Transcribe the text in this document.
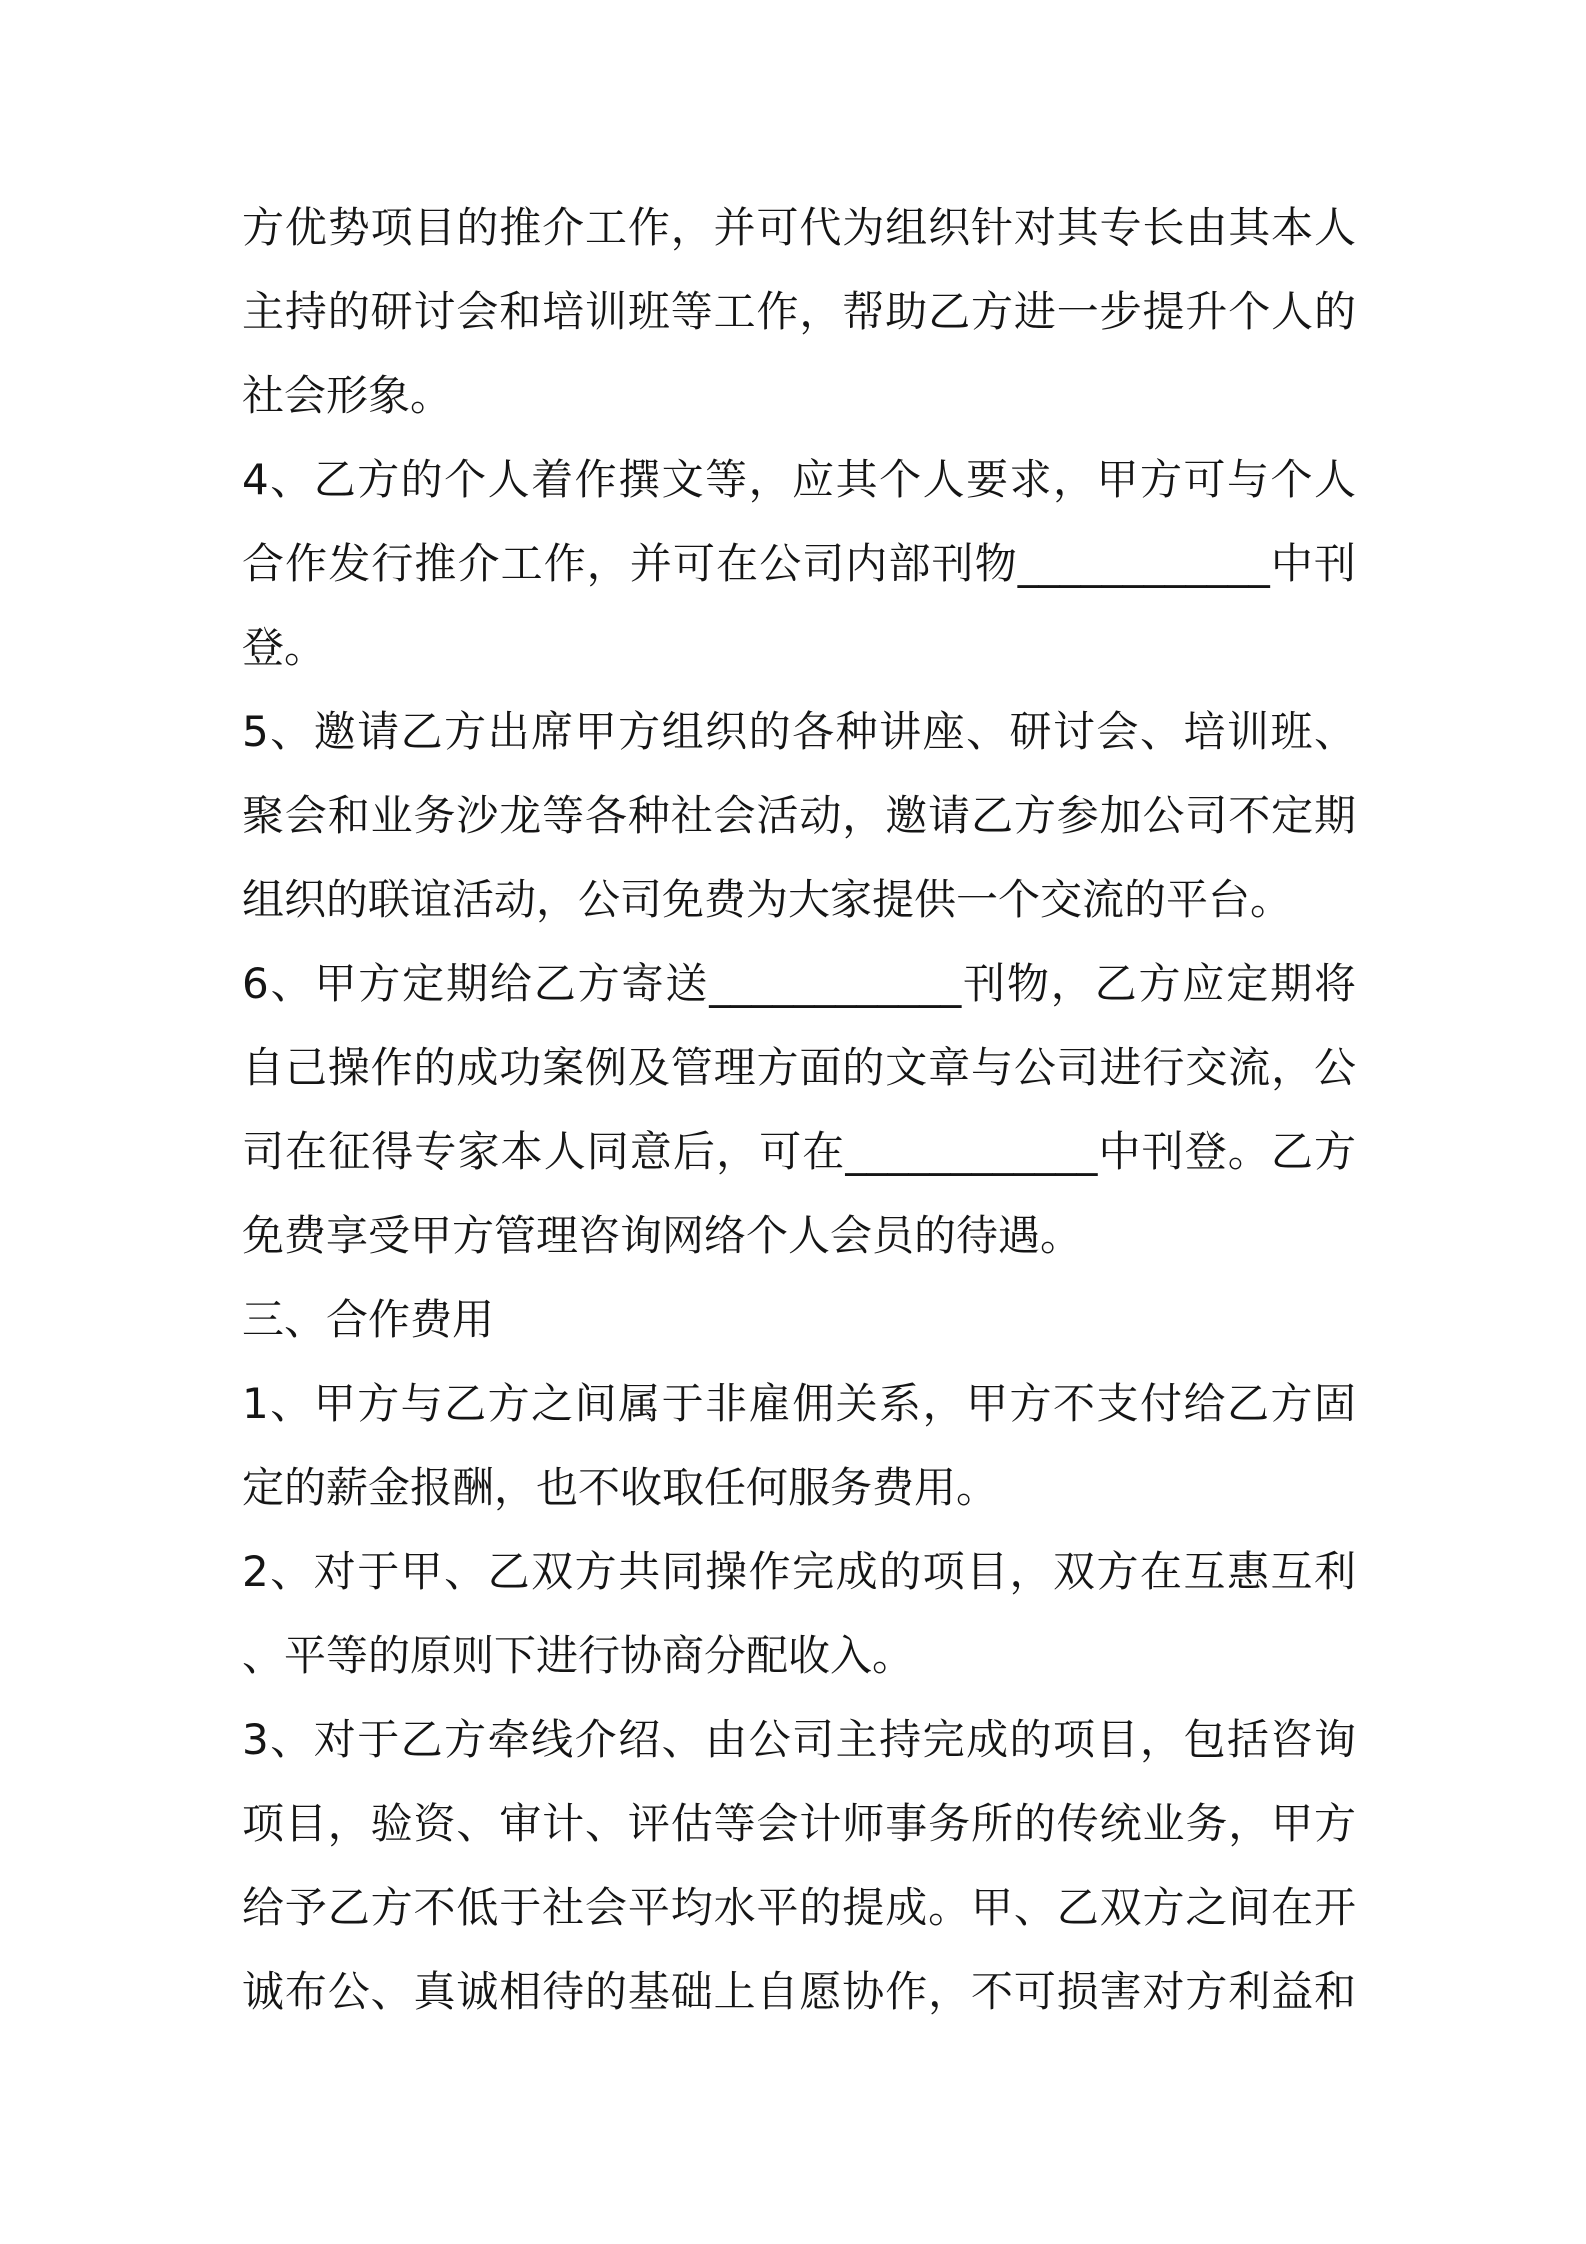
方优势项目的推介工作，并可代为组织针对其专长由其本人
主持的研讨会和培训班等工作，帮助乙方进一步提升个人的
社会形象。
4、乙方的个人着作撰文等，应其个人要求，甲方可与个人
合作发行推介工作，并可在公司内部刊物____________中刊
登。
5、邀请乙方出席甲方组织的各种讲座、研讨会、培训班、
聚会和业务沙龙等各种社会活动，邀请乙方参加公司不定期
组织的联谊活动，公司免费为大家提供一个交流的平台。
6、甲方定期给乙方寄送____________刊物，乙方应定期将
自己操作的成功案例及管理方面的文章与公司进行交流，公
司在征得专家本人同意后，可在____________中刊登。乙方
免费享受甲方管理咨询网络个人会员的待遇。
三、合作费用
1、甲方与乙方之间属于非雇佣关系，甲方不支付给乙方固
定的薪金报酬，也不收取任何服务费用。
2、对于甲、乙双方共同操作完成的项目，双方在互惠互利
、平等的原则下进行协商分配收入。
3、对于乙方牵线介绍、由公司主持完成的项目，包括咨询
项目，验资、审计、评估等会计师事务所的传统业务，甲方
给予乙方不低于社会平均水平的提成。甲、乙双方之间在开
诚布公、真诚相待的基础上自愿协作，不可损害对方利益和
